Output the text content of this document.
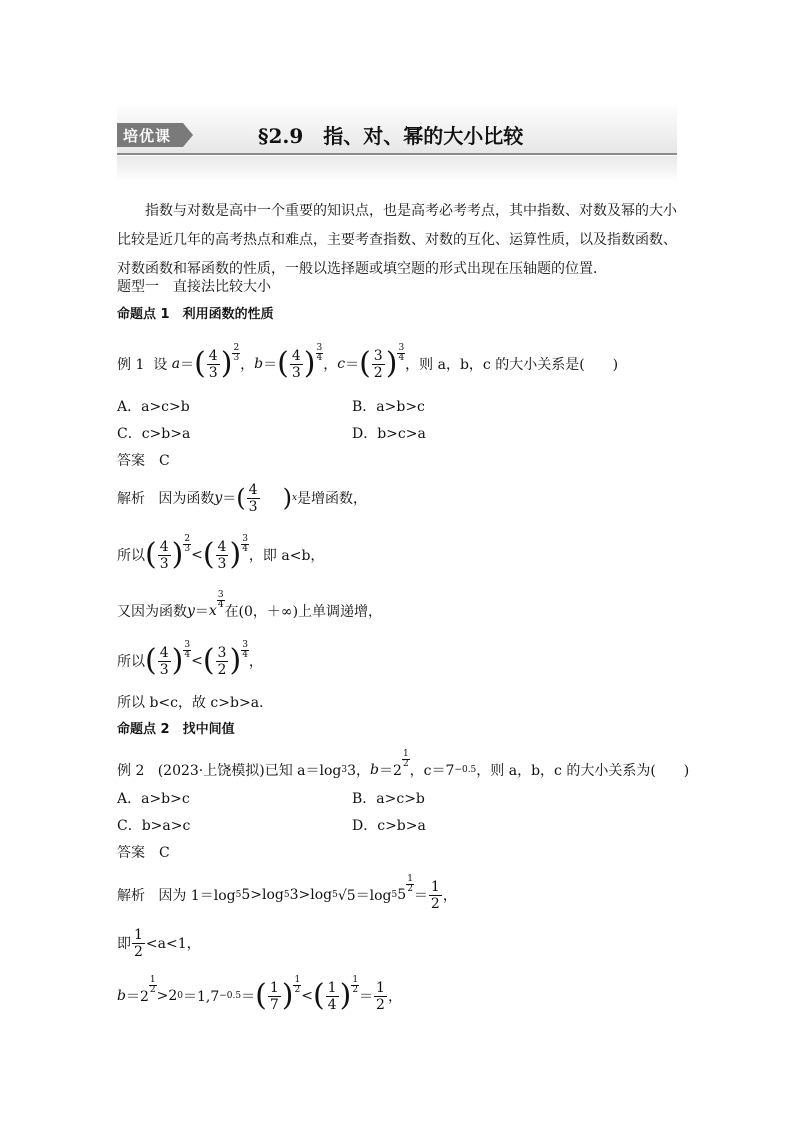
培优课	§2.9 指、对、幂的大小比较
指数与对数是高中一个重要的知识点，也是高考必考考点，其中指数、对数及幂的大小比较是近几年的高考热点和难点，主要考查指数、对数的互化、运算性质，以及指数函数、对数函数和幂函数的性质，一般以选择题或填空题的形式出现在压轴题的位置．
题型一　直接法比较大小
命题点 1　利用函数的性质
例 1
设
a ＝ ( $\frac{4}{3}$ ) 2
3 ， b ＝ ( $\frac{4}{3}$ ) 3
4 ， c ＝ ( $\frac{3}{2}$ ) 3
4 ，则 a，b，c 的大小关系是(　　)
A．a>c>b	B．a>b>c
C．c>b>a	D．b>c>a
答案　C
解析
因为函数 y ＝ ( $\frac{4}{3}$ ) x 是增函数，
所以 ( $\frac{4}{3}$ ) 2
3 < ( $\frac{4}{3}$ ) 3
4 ，即 a<b，
又因为函数 y ＝ x
3
4 在(0，＋∞)上单调递增，
所以 ( $\frac{4}{3}$ ) 3
4 < ( $\frac{3}{2}$ ) 3
4 ，
所以 b<c，故 c>b>a.
命题点 2　找中间值
例 2
(2023·上饶模拟)已知 a＝log 3 3， b ＝2
1
2 ，c＝7 −0.5 ，则 a，b，c 的大小关系为(　　)
A．a>b>c	B．a>c>b
C．b>a>c	D．c>b>a
答案　C
解析
因为 1＝log 5 5>log 5 3>log 5 √5＝log 5 5
1
$2 = \frac{1}{2}$ ，
即 $\frac{1}{2} <a<1$，
b ＝2
1
$2 >2_0 =1,7 -0.5$ ＝ ( $\frac{1}{7}$ ) 1
2 < ( $\frac{1}{4}$ ) 1
$2 = \frac{1}{2}$ ，
